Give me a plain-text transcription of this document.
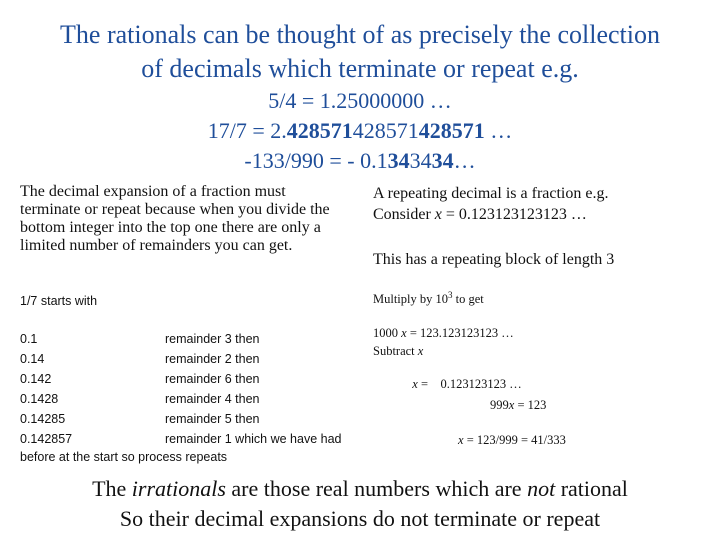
The rationals can be thought of as precisely the collection
of decimals which terminate or repeat e.g.
5/4 = 1.25000000 …
17/7 = 2.428571428571428571 …
-133/990 = - 0.1343434…
The decimal expansion of a fraction must terminate or repeat because when you divide the bottom integer into the top one there are only a limited number of remainders you can get.
1/7 starts with
0.1	remainder 3 then
0.14	remainder 2 then
0.142	remainder 6 then
0.1428	remainder 4 then
0.14285	remainder 5 then
0.142857	remainder 1 which we have had
before at the start so process repeats
A repeating decimal is a fraction e.g.
Consider x = 0.123123123123 …
This has a repeating block of length 3
Multiply by $10^3$ to get
1000 x = 123.123123123 …
Subtract x

x =    0.123123123 …

999x = 123
x = 123/999 = 41/333
The irrationals are those real numbers which are not rational
So their decimal expansions do not terminate or repeat
